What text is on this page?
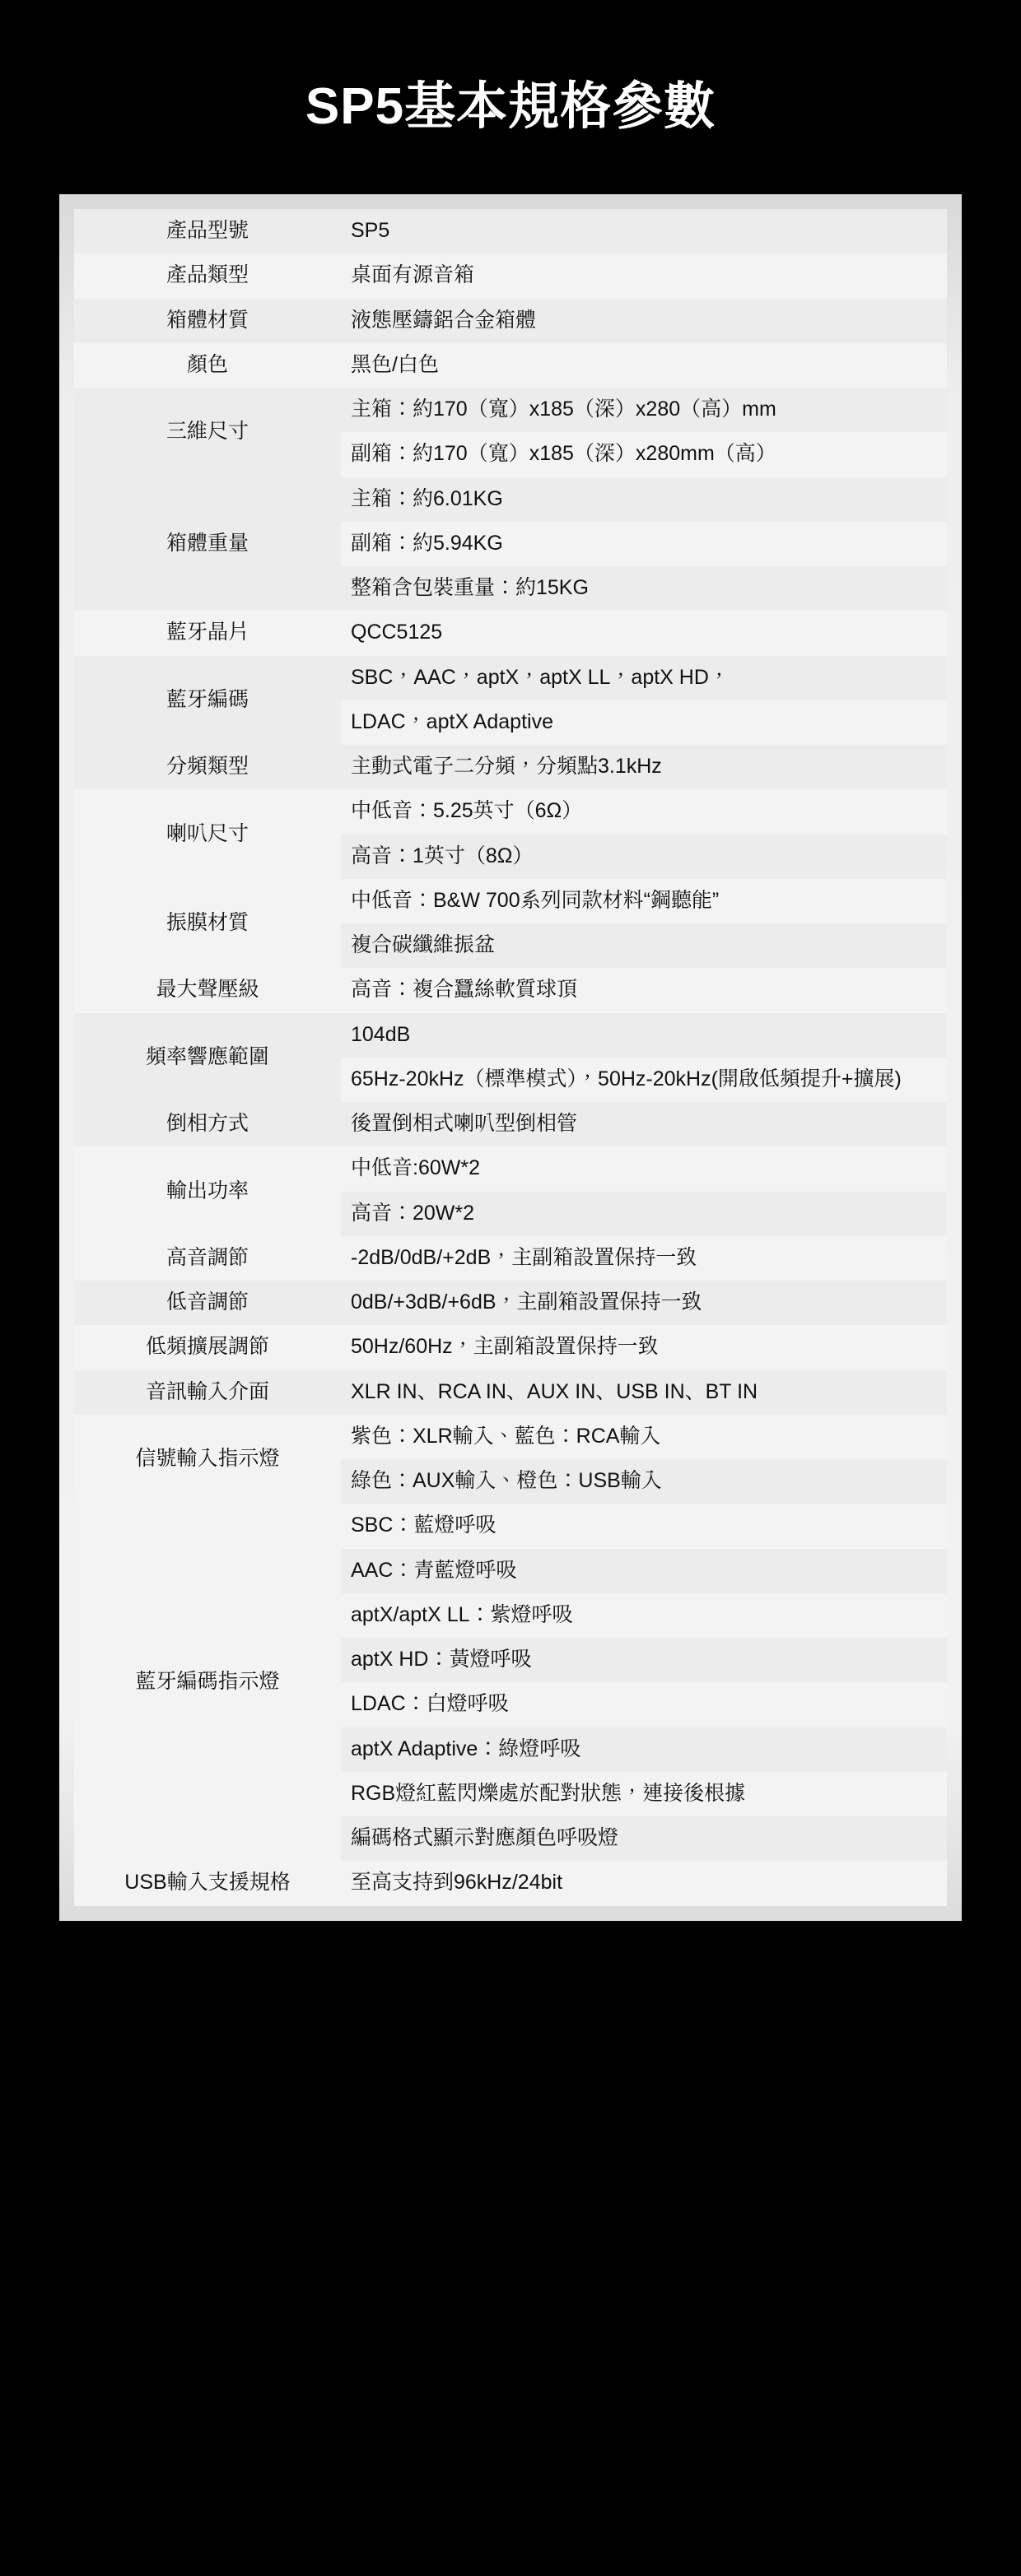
SP5基本規格參數
產品型號	SP5
產品類型	桌面有源音箱
箱體材質	液態壓鑄鋁合金箱體
顏色	黑色/白色
三維尺寸	主箱：約170（寬）x185（深）x280（高）mm
	副箱：約170（寬）x185（深）x280mm（高）
箱體重量	主箱：約6.01KG
	副箱：約5.94KG
	整箱含包裝重量：約15KG
藍牙晶片	QCC5125
藍牙編碼	SBC，AAC，aptX，aptX LL，aptX HD，
	LDAC，aptX Adaptive
分頻類型	主動式電子二分頻，分頻點3.1kHz
喇叭尺寸	中低音：5.25英寸（6Ω）
	高音：1英寸（8Ω）
振膜材質	中低音：B&W 700系列同款材料“鋼聽能”
	複合碳纖維振盆
最大聲壓級	高音：複合蠶絲軟質球頂
頻率響應範圍	104dB
	65Hz-20kHz（標準模式），50Hz-20kHz(開啟低頻提升+擴展)
倒相方式	後置倒相式喇叭型倒相管
輸出功率	中低音:60W*2
	高音：20W*2
高音調節	-2dB/0dB/+2dB，主副箱設置保持一致
低音調節	0dB/+3dB/+6dB，主副箱設置保持一致
低頻擴展調節	50Hz/60Hz，主副箱設置保持一致
音訊輸入介面	XLR IN、RCA IN、AUX IN、USB IN、BT IN
信號輸入指示燈	紫色：XLR輸入、藍色：RCA輸入
	綠色：AUX輸入、橙色：USB輸入
藍牙編碼指示燈	SBC：藍燈呼吸
	AAC：青藍燈呼吸
	aptX/aptX LL：紫燈呼吸
	aptX HD：黃燈呼吸
	LDAC：白燈呼吸
	aptX Adaptive：綠燈呼吸
	RGB燈紅藍閃爍處於配對狀態，連接後根據
	編碼格式顯示對應顏色呼吸燈
USB輸入支援規格	至高支持到96kHz/24bit
